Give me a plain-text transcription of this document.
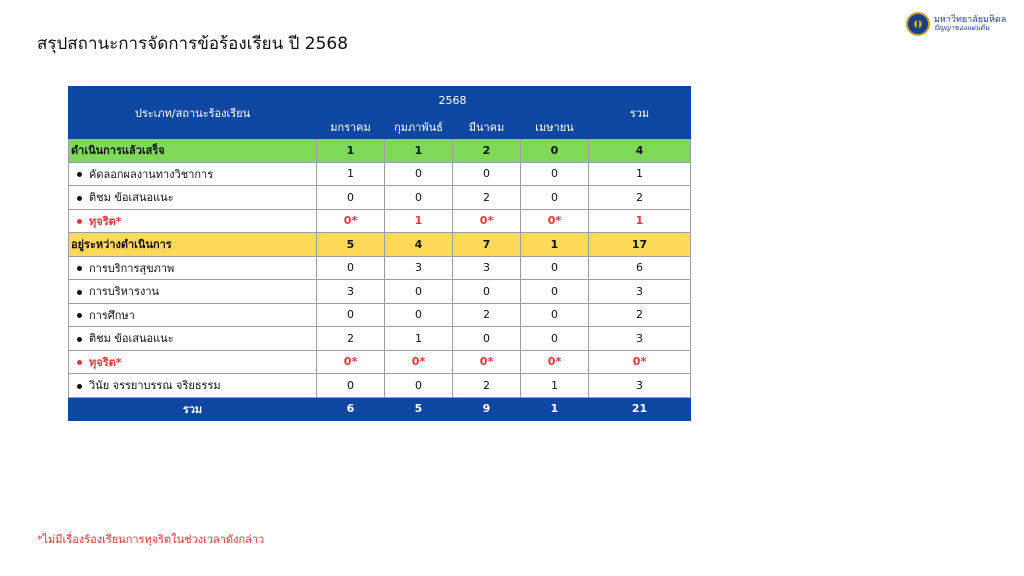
สรุปสถานะการจัดการข้อร้องเรียน ปี 2568
มหาวิทยาลัยมหิดล
ปัญญาของแผ่นดิน
ประเภท/สถานะร้องเรียน	2568				รวม
	มกราคม	กุมภาพันธ์	มีนาคม	เมษายน	
ดำเนินการแล้วเสร็จ	1	1	2	0	4
คัดลอกผลงานทางวิชาการ	1	0	0	0	1
ติชม ข้อเสนอแนะ	0	0	2	0	2
ทุจริต*	0*	1	0*	0*	1
อยู่ระหว่างดำเนินการ	5	4	7	1	17
การบริการสุขภาพ	0	3	3	0	6
การบริหารงาน	3	0	0	0	3
การศึกษา	0	0	2	0	2
ติชม ข้อเสนอแนะ	2	1	0	0	3
ทุจริต*	0*	0*	0*	0*	0*
วินัย จรรยาบรรณ จริยธรรม	0	0	2	1	3
รวม	6	5	9	1	21
*ไม่มีเรื่องร้องเรียนการทุจริตในช่วงเวลาดังกล่าว
